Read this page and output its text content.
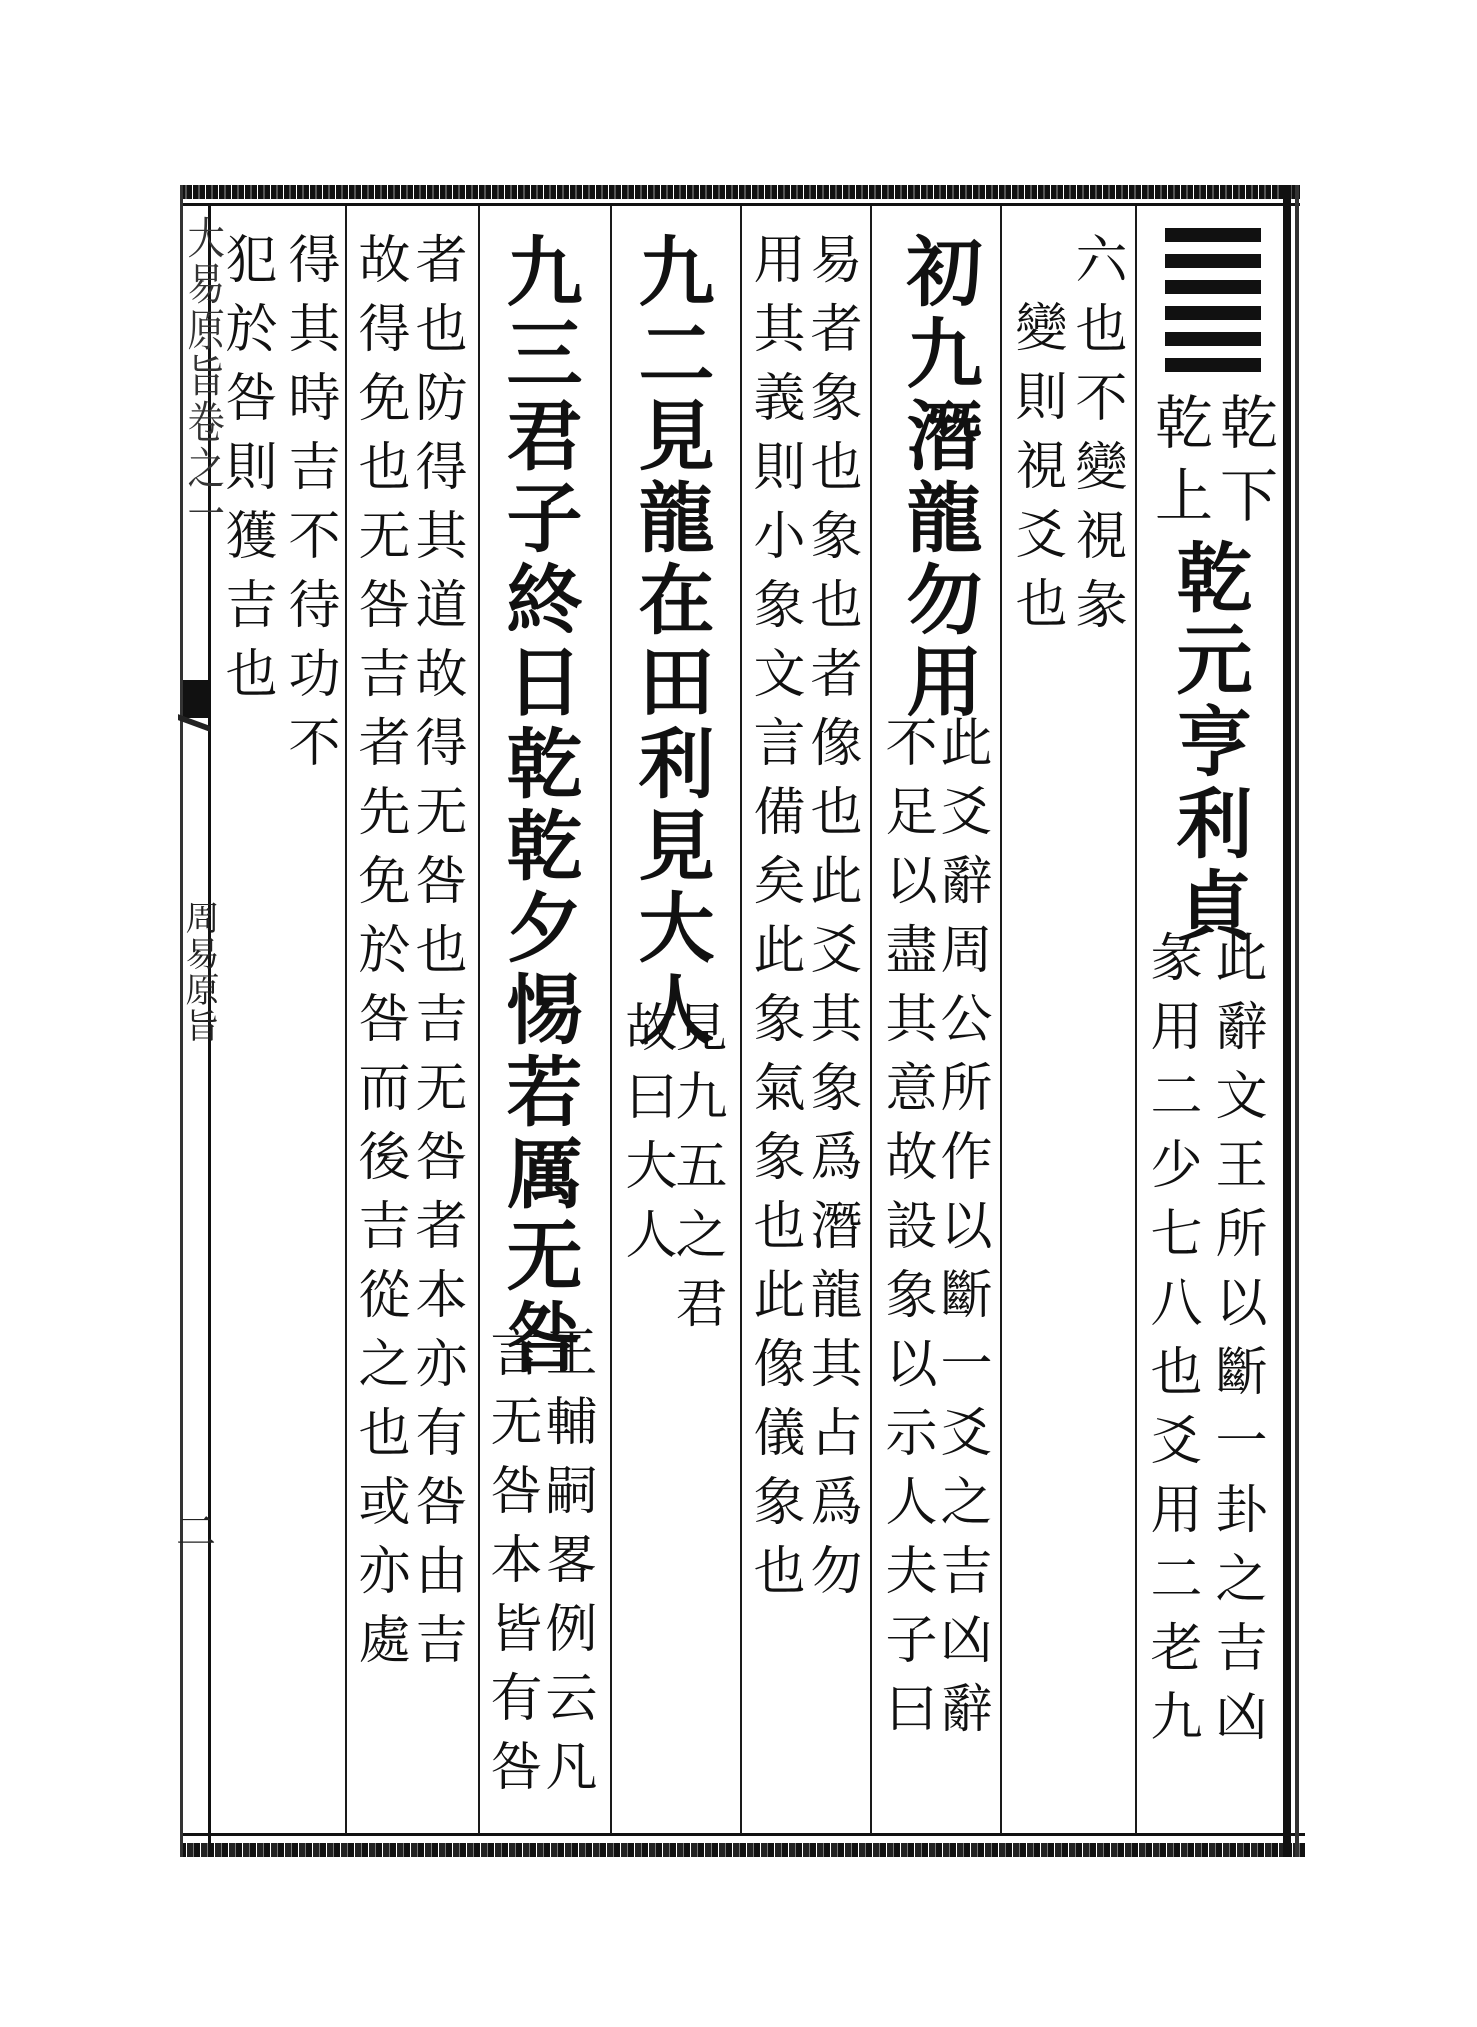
乾下
乾上
乾元亨利貞
此辭文王所以斷一卦之吉凶
彖用二少七八也爻用二老九
六也不變視彖
變則視爻也
初九潛龍勿用
此爻辭周公所作以斷一爻之吉凶辭
不足以盡其意故設象以示人夫子曰
易者象也象也者像也此爻其象爲潛龍其占爲勿
用其義則小象文言備矣此象氣象也此像儀象也
九二見龍在田利見大人
見九五之君
故曰大人
九三君子終日乾乾夕惕若厲无咎
王輔嗣畧例云凡
言无咎本皆有咎
者也防得其道故得无咎也吉无咎者本亦有咎由吉
故得免也无咎吉者先免於咎而後吉從之也或亦處
得其時吉不待功不
犯於咎則獲吉也
大易原旨卷之一
周易原旨
二
